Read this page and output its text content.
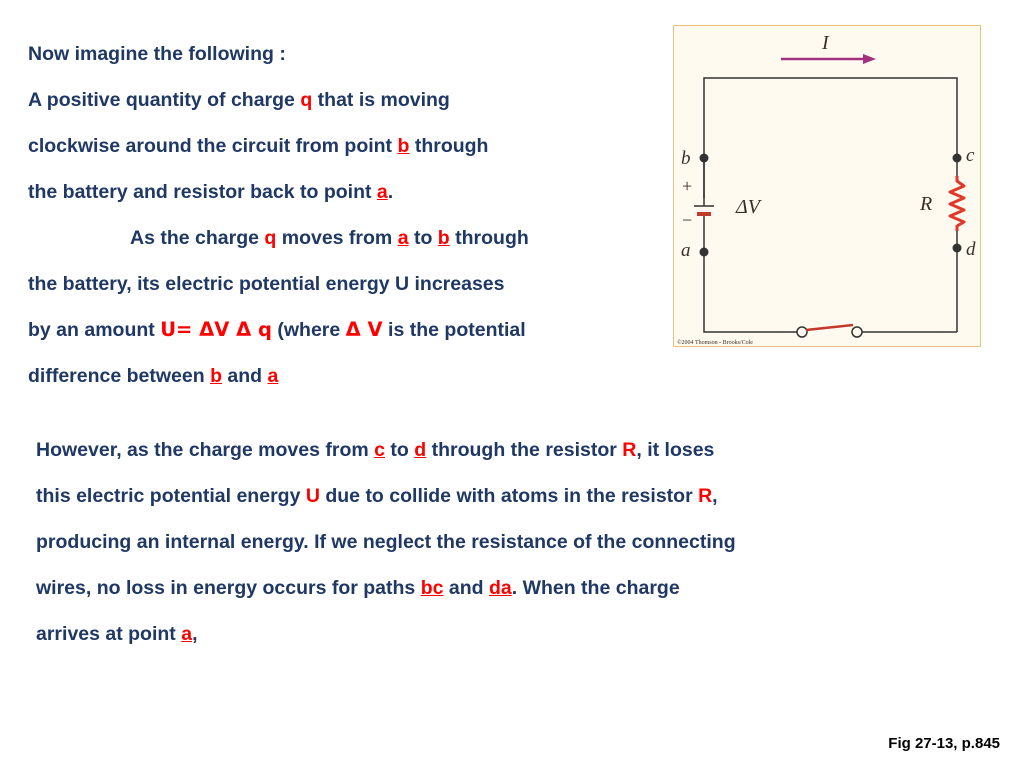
Now imagine the following :
A positive quantity of charge q that is moving
clockwise around the circuit from point b through
the battery and resistor back to point a.
As the charge q moves from a to b through
the battery, its electric potential energy U increases
by an amount U= ΔV Δ q (where Δ V is the potential
difference between b and a
However, as the charge moves from c to d through the resistor R, it loses
this electric potential energy U due to collide with atoms in the resistor R,
producing an internal energy. If we neglect the resistance of the connecting
wires, no loss in energy occurs for paths bc and da. When the charge
arrives at point a,
I
+
−
ΔV	R
b
a
c
d
©2004 Thomson - Brooks/Cole
Fig 27-13, p.845
